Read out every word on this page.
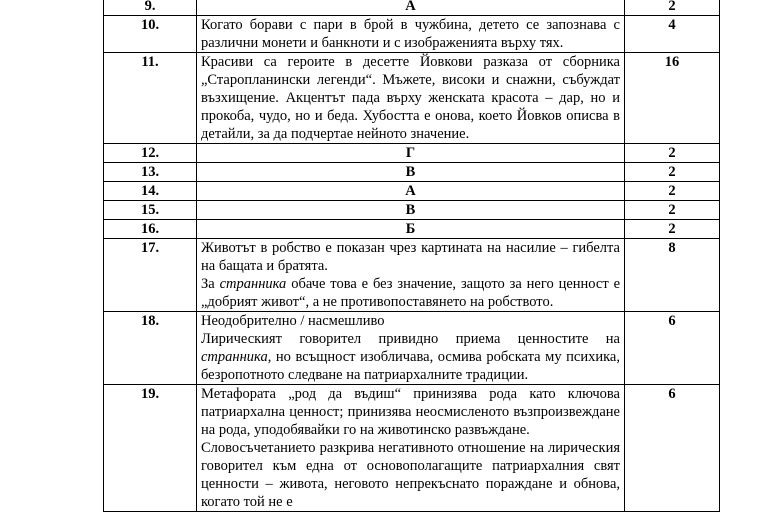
9.	А	2
10.	Когато борави с пари в брой в чужбина, детето се запознава с различни монети и банкноти и с изображенията върху тях.	4
11.	Красиви са героите в десетте Йовкови разказа от сборника „Старопланински легенди“. Мъжете, високи и снажни, събуждат възхищение. Акцентът пада върху женската красота – дар, но и прокоба, чудо, но и беда. Хубостта е онова, което Йовков описва в детайли, за да подчертае нейното значение.	16
12.	Г	2
13.	В	2
14.	А	2
15.	В	2
16.	Б	2
17.	Животът в робство е показан чрез картината на насилие – гибелта на бащата и братята.

За странника обаче това е без значение, защото за него ценност е „добрият живот“, а не противопоставянето на робството.	8
18.	Неодобрително / насмешливо

Лирическият говорител привидно приема ценностите на странника, но всъщност изобличава, осмива робската му психика, безропотното следване на патриархалните традиции.	6
19.	Метафората „род да въдиш“ принизява рода като ключова патриархална ценност; принизява неосмисленото възпроизвеждане на рода, уподобявайки го на животинско развъждане.

Словосъчетанието разкрива негативното отношение на лирическия говорител към една от основополагащите патриархалния свят ценности – живота, неговото непрекъснато пораждане и обнова, когато той не е	6
